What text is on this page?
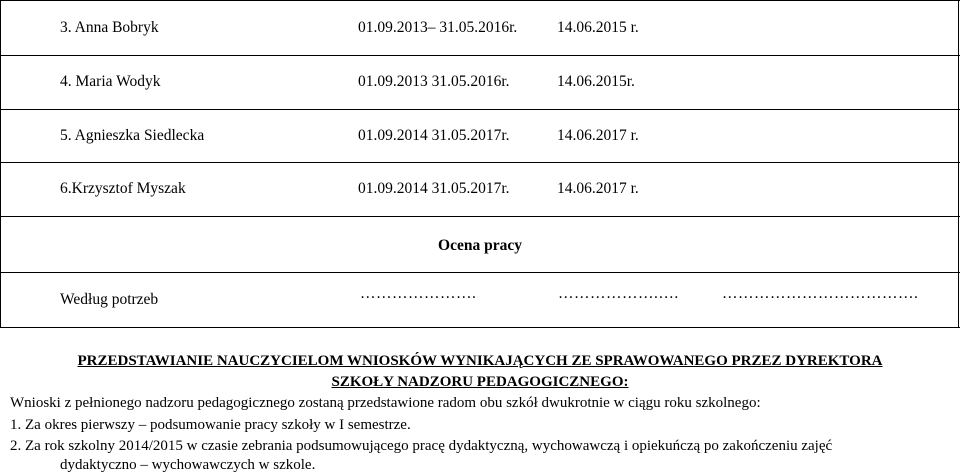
3. Anna Bobryk	01.09.2013– 31.05.2016r.	14.06.2015 r.
4. Maria Wodyk	01.09.2013 31.05.2016r.	14.06.2015r.
5. Agnieszka Siedlecka	01.09.2014 31.05.2017r.	14.06.2017 r.
6.Krzysztof Myszak	01.09.2014 31.05.2017r.	14.06.2017 r.
Ocena pracy
Według potrzeb	………………….	……………….….	……………………………….
PRZEDSTAWIANIE NAUCZYCIELOM WNIOSKÓW WYNIKAJĄCYCH ZE SPRAWOWANEGO PRZEZ DYREKTORA
SZKOŁY NADZORU PEDAGOGICZNEGO:
Wnioski z pełnionego nadzoru pedagogicznego zostaną przedstawione radom obu szkół dwukrotnie w ciągu roku szkolnego:
1. Za okres pierwszy – podsumowanie pracy szkoły w I semestrze.
2. Za rok szkolny 2014/2015 w czasie zebrania podsumowującego pracę dydaktyczną, wychowawczą i opiekuńczą po zakończeniu zajęć
dydaktyczno – wychowawczych w szkole.
